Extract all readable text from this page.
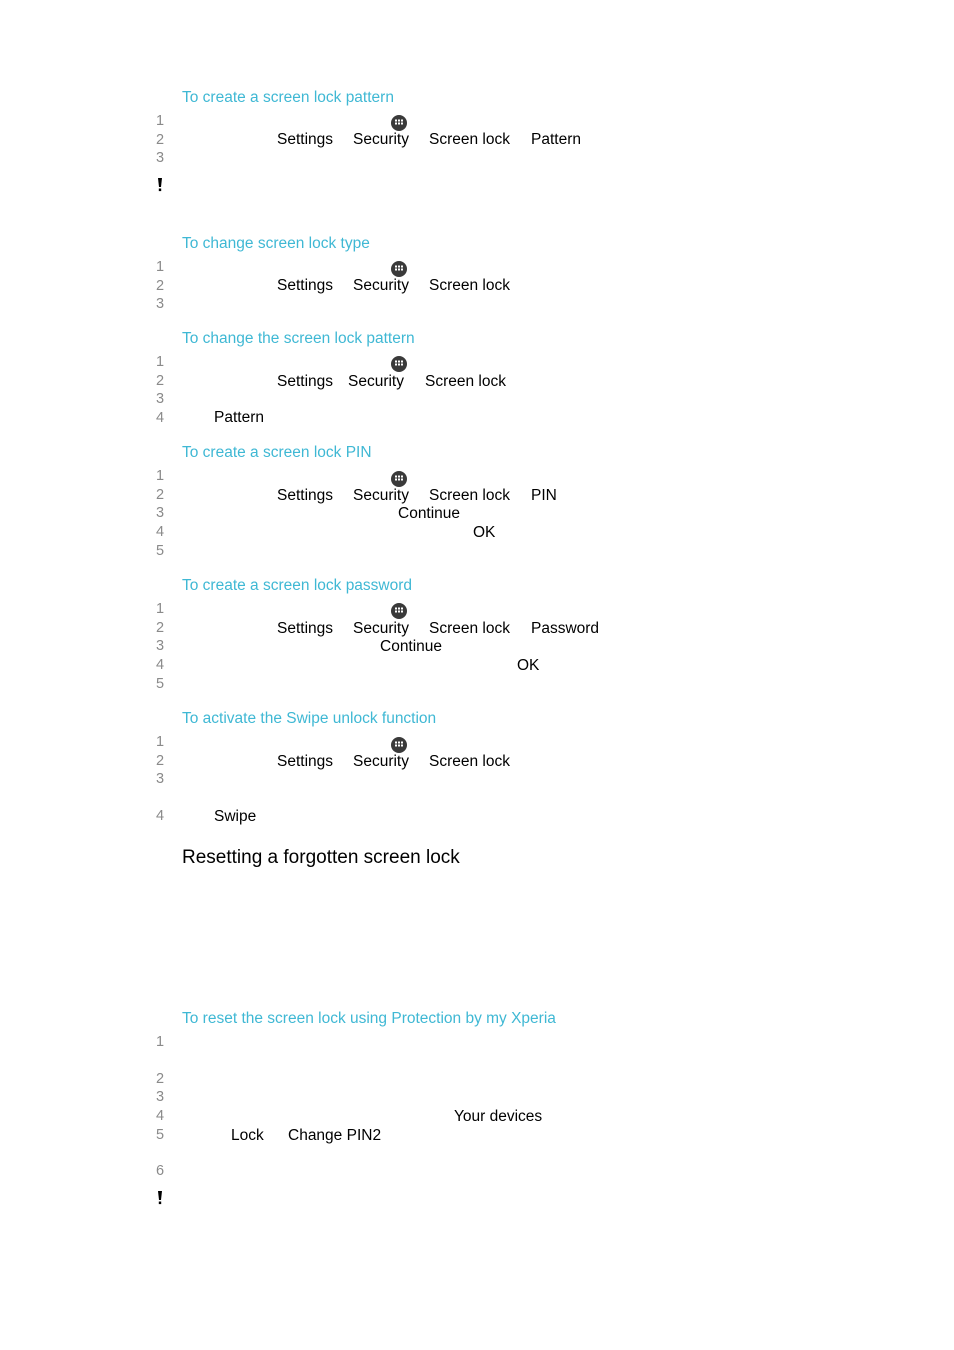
To create a screen lock pattern
1
2
3
Settings Security Screen lock Pattern
To change screen lock type
1
2
3
Settings Security Screen lock
To change the screen lock pattern
1
2
3
4
Settings Security Screen lock
Pattern
To create a screen lock PIN
1
2
3
4
5
Settings Security Screen lock PIN
Continue
OK
To create a screen lock password
1
2
3
4
5
Settings Security Screen lock Password
Continue
OK
To activate the Swipe unlock function
1
2
3
4
Settings Security Screen lock
Swipe
Resetting a forgotten screen lock
To reset the screen lock using Protection by my Xperia
1
2
3
4
5
6
Your devices
Lock Change PIN2
